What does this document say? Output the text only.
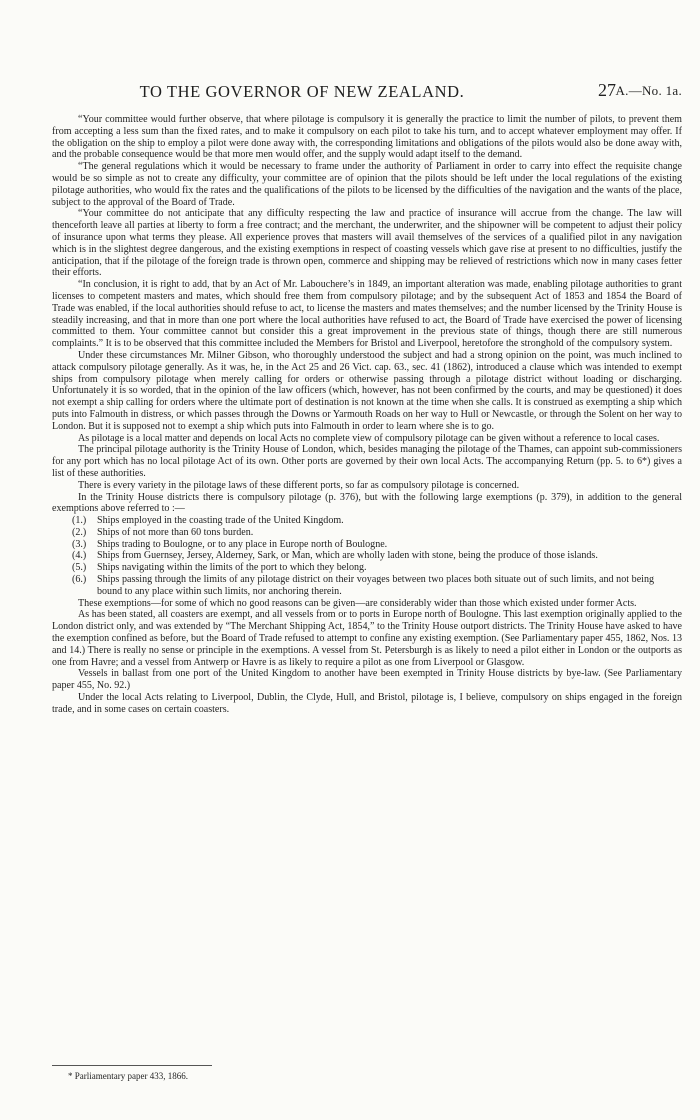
TO THE GOVERNOR OF NEW ZEALAND.	27 A.—No. 1a.

“Your committee would further observe, that where pilotage is compulsory it is generally the practice to limit the number of pilots, to prevent them from accepting a less sum than the fixed rates, and to make it compulsory on each pilot to take his turn, and to accept whatever employment may offer. If the obligation on the ship to employ a pilot were done away with, the corresponding limitations and obligations of the pilots would also be done away with, and the probable consequence would be that more men would offer, and the supply would adapt itself to the demand.

“The general regulations which it would be necessary to frame under the authority of Parliament in order to carry into effect the requisite change would be so simple as not to create any difficulty, your committee are of opinion that the pilots should be left under the local regulations of the existing pilotage authorities, who would fix the rates and the qualifications of the pilots to be licensed by the difficulties of the navigation and the wants of the place, subject to the approval of the Board of Trade.

“Your committee do not anticipate that any difficulty respecting the law and practice of insurance will accrue from the change. The law will thenceforth leave all parties at liberty to form a free contract; and the merchant, the underwriter, and the shipowner will be competent to adjust their policy of insurance upon what terms they please. All experience proves that masters will avail themselves of the services of a qualified pilot in any navigation which is in the slightest degree dangerous, and the existing exemptions in respect of coasting vessels which gave rise at present to no difficulties, justify the anticipation, that if the pilotage of the foreign trade is thrown open, commerce and shipping may be relieved of restrictions which now in many cases fetter their efforts.

“In conclusion, it is right to add, that by an Act of Mr. Labouchere’s in 1849, an important alteration was made, enabling pilotage authorities to grant licenses to competent masters and mates, which should free them from compulsory pilotage; and by the subsequent Act of 1853 and 1854 the Board of Trade was enabled, if the local authorities should refuse to act, to license the masters and mates themselves; and the number licensed by the Trinity House is steadily increasing, and that in more than one port where the local authorities have refused to act, the Board of Trade have exercised the power of licensing committed to them. Your committee cannot but consider this a great improvement in the previous state of things, though there are still numerous complaints.” It is to be observed that this committee included the Members for Bristol and Liverpool, heretofore the stronghold of the compulsory system.

Under these circumstances Mr. Milner Gibson, who thoroughly understood the subject and had a strong opinion on the point, was much inclined to attack compulsory pilotage generally. As it was, he, in the Act 25 and 26 Vict. cap. 63., sec. 41 (1862), introduced a clause which was intended to exempt ships from compulsory pilotage when merely calling for orders or otherwise passing through a pilotage district without loading or discharging. Unfortunately it is so worded, that in the opinion of the law officers (which, however, has not been confirmed by the courts, and may be questioned) it does not exempt a ship calling for orders where the ultimate port of destination is not known at the time when she calls. It is construed as exempting a ship which puts into Falmouth in distress, or which passes through the Downs or Yarmouth Roads on her way to Hull or Newcastle, or through the Solent on her way to London. But it is supposed not to exempt a ship which puts into Falmouth in order to learn where she is to go.

As pilotage is a local matter and depends on local Acts no complete view of compulsory pilotage can be given without a reference to local cases.

The principal pilotage authority is the Trinity House of London, which, besides managing the pilotage of the Thames, can appoint sub-commissioners for any port which has no local pilotage Act of its own. Other ports are governed by their own local Acts. The accompanying Return (pp. 5. to 6*) gives a list of these authorities.

There is every variety in the pilotage laws of these different ports, so far as compulsory pilotage is concerned.

In the Trinity House districts there is compulsory pilotage (p. 376), but with the following large exemptions (p. 379), in addition to the general exemptions above referred to :—

(1.) Ships employed in the coasting trade of the United Kingdom.
(2.) Ships of not more than 60 tons burden.
(3.) Ships trading to Boulogne, or to any place in Europe north of Boulogne.
(4.) Ships from Guernsey, Jersey, Alderney, Sark, or Man, which are wholly laden with stone, being the produce of those islands.
(5.) Ships navigating within the limits of the port to which they belong.
(6.) Ships passing through the limits of any pilotage district on their voyages between two places both situate out of such limits, and not being bound to any place within such limits, nor anchoring therein.

These exemptions—for some of which no good reasons can be given—are considerably wider than those which existed under former Acts.

As has been stated, all coasters are exempt, and all vessels from or to ports in Europe north of Boulogne. This last exemption originally applied to the London district only, and was extended by “The Merchant Shipping Act, 1854,” to the Trinity House outport districts. The Trinity House have asked to have the exemption confined as before, but the Board of Trade refused to attempt to confine any existing exemption. (See Parliamentary paper 455, 1862, Nos. 13 and 14.) There is really no sense or principle in the exemptions. A vessel from St. Petersburgh is as likely to need a pilot either in London or the outports as one from Havre; and a vessel from Antwerp or Havre is as likely to require a pilot as one from Liverpool or Glasgow.

Vessels in ballast from one port of the United Kingdom to another have been exempted in Trinity House districts by bye-law. (See Parliamentary paper 455, No. 92.)

Under the local Acts relating to Liverpool, Dublin, the Clyde, Hull, and Bristol, pilotage is, I believe, compulsory on ships engaged in the foreign trade, and in some cases on certain coasters.

* Parliamentary paper 433, 1866.
